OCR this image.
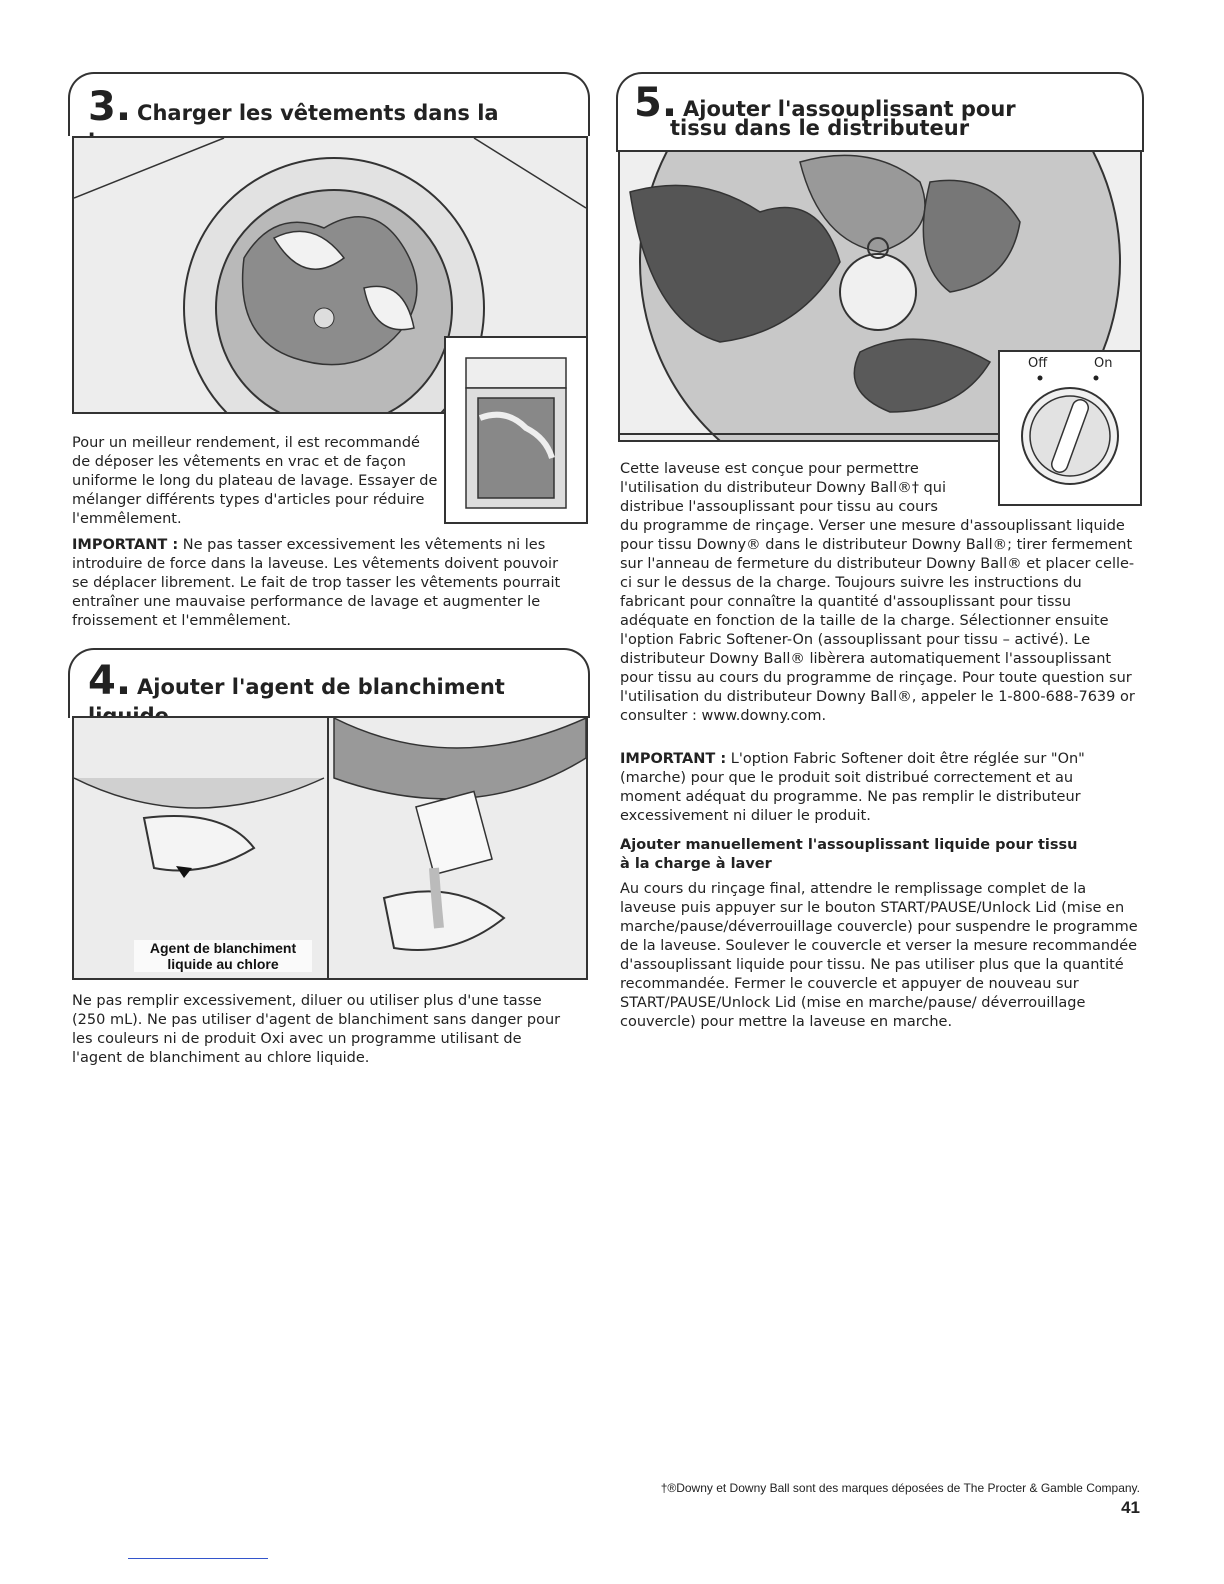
3. Charger les vêtements dans la

Pour un meilleur rendement, il est recommandé de déposer les vêtements en vrac et de façon uniforme le long du plateau de lavage. Essayer de mélanger différents types d'articles pour réduire l'emmêlement.

IMPORTANT : Ne pas tasser excessivement les vêtements ni les introduire de force dans la laveuse. Les vêtements doivent pouvoir se déplacer librement. Le fait de trop tasser les vêtements pourrait entraîner une mauvaise performance de lavage et augmenter le froissement et l'emmêlement.

4. Ajouter l'agent de blanchiment
Agent de blanchiment
liquide au chlore

Ne pas remplir excessivement, diluer ou utiliser plus d'une tasse (250 mL). Ne pas utiliser d'agent de blanchiment sans danger pour les couleurs ni de produit Oxi avec un programme utilisant de l'agent de blanchiment au chlore liquide.

5. Ajouter l'assouplissant pour
tissu dans le distributeur
Off	On

Cette laveuse est conçue pour permettre l'utilisation du distributeur Downy Ball®† qui distribue l'assouplissant pour tissu au cours

du programme de rinçage. Verser une mesure d'assouplissant liquide pour tissu Downy® dans le distributeur Downy Ball®; tirer fermement sur l'anneau de fermeture du distributeur Downy Ball® et placer celle-ci sur le dessus de la charge. Toujours suivre les instructions du fabricant pour connaître la quantité d'assouplissant pour tissu adéquate en fonction de la taille de la charge. Sélectionner ensuite l'option Fabric Softener-On (assouplissant pour tissu – activé). Le distributeur Downy Ball® libèrera automatiquement l'assouplissant pour tissu au cours du programme de rinçage. Pour toute question sur l'utilisation du distributeur Downy Ball®, appeler le 1-800-688-7639 or consulter : www.downy.com.

IMPORTANT : L'option Fabric Softener doit être réglée sur "On" (marche) pour que le produit soit distribué correctement et au moment adéquat du programme. Ne pas remplir le distributeur excessivement ni diluer le produit.

Ajouter manuellement l'assouplissant liquide pour tissu
à la charge à laver

Au cours du rinçage final, attendre le remplissage complet de la laveuse puis appuyer sur le bouton START/PAUSE/Unlock Lid (mise en marche/pause/déverrouillage couvercle) pour suspendre le programme de la laveuse. Soulever le couvercle et verser la mesure recommandée d'assouplissant liquide pour tissu. Ne pas utiliser plus que la quantité recommandée. Fermer le couvercle et appuyer de nouveau sur START/PAUSE/Unlock Lid (mise en marche/pause/ déverrouillage couvercle) pour mettre la laveuse en marche.

†®Downy et Downy Ball sont des marques déposées de The Procter & Gamble Company.
41
